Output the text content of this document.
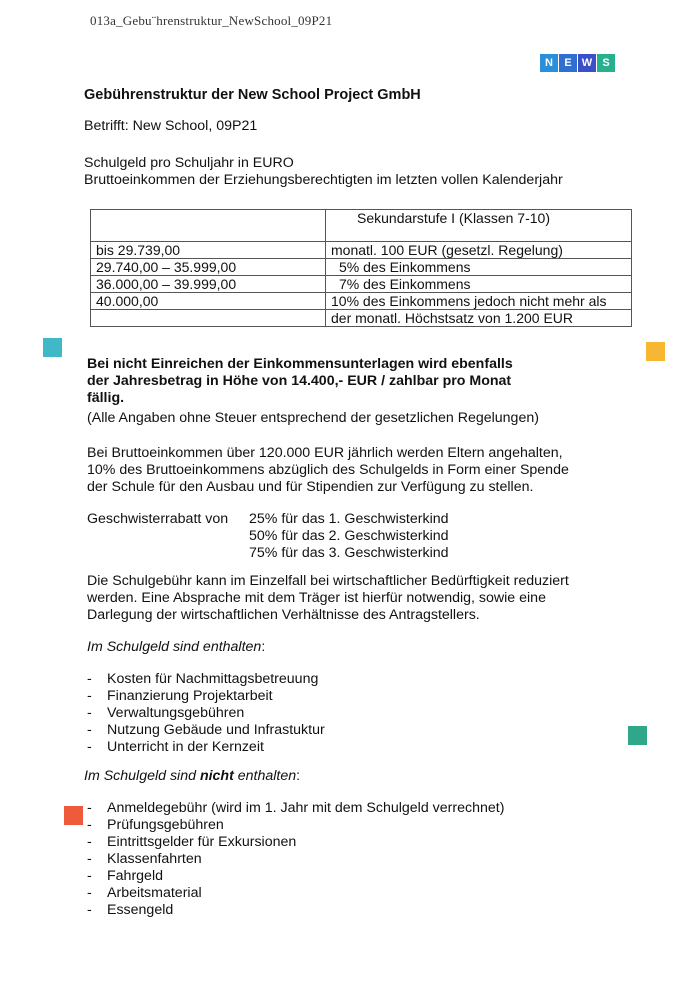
013a_Gebu¨hrenstruktur_NewSchool_09P21
N	E W S
Gebührenstruktur der New School Project GmbH
Betrifft: New School, 09P21
Schulgeld pro Schuljahr in EURO
Bruttoeinkommen der Erziehungsberechtigten im letzten vollen Kalenderjahr
	Sekundarstufe I (Klassen 7-10)
bis 29.739,00	monatl. 100 EUR (gesetzl. Regelung)
29.740,00 – 35.999,00	5% des Einkommens
36.000,00 – 39.999,00	7% des Einkommens
40.000,00	10% des Einkommens jedoch nicht mehr als
	der monatl. Höchstsatz von 1.200 EUR
Bei nicht Einreichen der Einkommensunterlagen wird ebenfalls
der Jahresbetrag in Höhe von 14.400,- EUR / zahlbar pro Monat
fällig.
(Alle Angaben ohne Steuer entsprechend der gesetzlichen Regelungen)
Bei Bruttoeinkommen über 120.000 EUR jährlich werden Eltern angehalten,
10% des Bruttoeinkommens abzüglich des Schulgelds in Form einer Spende
der Schule für den Ausbau und für Stipendien zur Verfügung zu stellen.
Geschwisterrabatt von 25% für das 1. Geschwisterkind
50% für das 2. Geschwisterkind
75% für das 3. Geschwisterkind
Die Schulgebühr kann im Einzelfall bei wirtschaftlicher Bedürftigkeit reduziert
werden. Eine Absprache mit dem Träger ist hierfür notwendig, sowie eine
Darlegung der wirtschaftlichen Verhältnisse des Antragstellers.
Im Schulgeld sind enthalten:
- Kosten für Nachmittagsbetreuung
- Finanzierung Projektarbeit
- Verwaltungsgebühren
- Nutzung Gebäude und Infrastuktur
- Unterricht in der Kernzeit
Im Schulgeld sind nicht enthalten:
- Anmeldegebühr (wird im 1. Jahr mit dem Schulgeld verrechnet)
- Prüfungsgebühren
- Eintrittsgelder für Exkursionen
- Klassenfahrten
- Fahrgeld
- Arbeitsmaterial
- Essengeld
